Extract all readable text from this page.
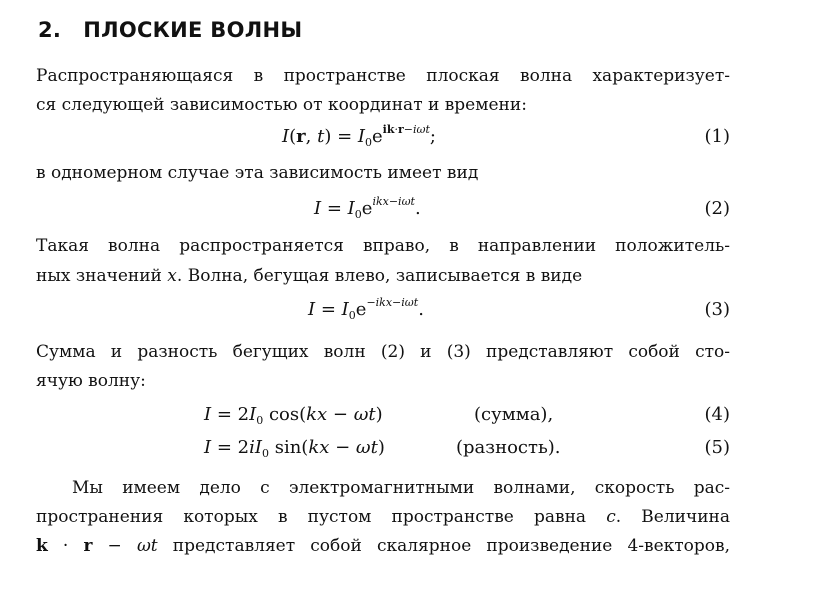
2. ПЛОСКИЕ ВОЛНЫ
Распространяющаяся в пространстве плоская волна характеризует-
ся следующей зависимостью от координат и времени:
I(r, $t) = I_0e^{ik\cdot r-i\omega t}$;	(1)
в одномерном случае эта зависимость имеет вид
$I = I_0e^{ikx-i\omega t}$.	(2)
Такая волна распространяется вправо, в направлении положитель-
ных значений x. Волна, бегущая влево, записывается в виде
$I = I_0e^{-ikx-i\omega t}$.	(3)
Сумма и разность бегущих волн (2) и (3) представляют собой сто-
ячую волну:
$I = 2I_0$ cos(kx − ωt)	(сумма),	(4)
$I = 2iI_0$ sin(kx − ωt)	(разность).	(5)
Мы имеем дело с электромагнитными волнами, скорость рас-
пространения которых в пустом пространстве равна c. Величина
k · r − ωt представляет собой скалярное произведение 4-векторов,
